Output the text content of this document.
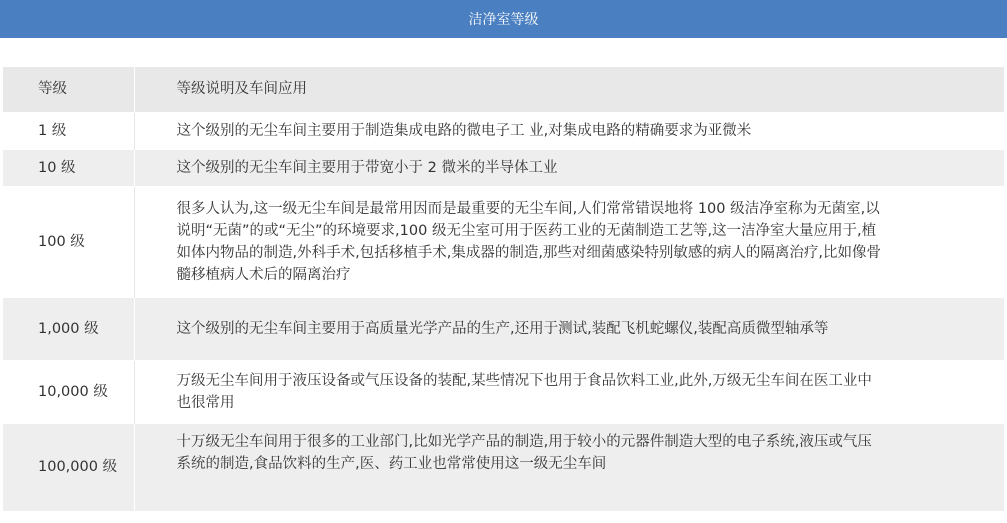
洁净室等级
等级	等级说明及车间应用
1 级	这个级别的无尘车间主要用于制造集成电路的微电子工 业,对集成电路的精确要求为亚微米
10 级	这个级别的无尘车间主要用于带宽小于 2 微米的半导体工业
100 级	很多人认为,这一级无尘车间是最常用因而是最重要的无尘车间,人们常常错误地将 100 级洁净室称为无菌室,以说明“无菌”的或“无尘”的环境要求,100 级无尘室可用于医药工业的无菌制造工艺等,这一洁净室大量应用于,植如体内物品的制造,外科手术,包括移植手术,集成器的制造,那些对细菌感染特别敏感的病人的隔离治疗,比如像骨髓移植病人术后的隔离治疗
1,000 级	这个级别的无尘车间主要用于高质量光学产品的生产,还用于测试,装配飞机蛇螺仪,装配高质微型轴承等
10,000 级	万级无尘车间用于液压设备或气压设备的装配,某些情况下也用于食品饮料工业,此外,万级无尘车间在医工业中也很常用
100,000 级	十万级无尘车间用于很多的工业部门,比如光学产品的制造,用于较小的元器件制造大型的电子系统,液压或气压系统的制造,食品饮料的生产,医、药工业也常常使用这一级无尘车间
